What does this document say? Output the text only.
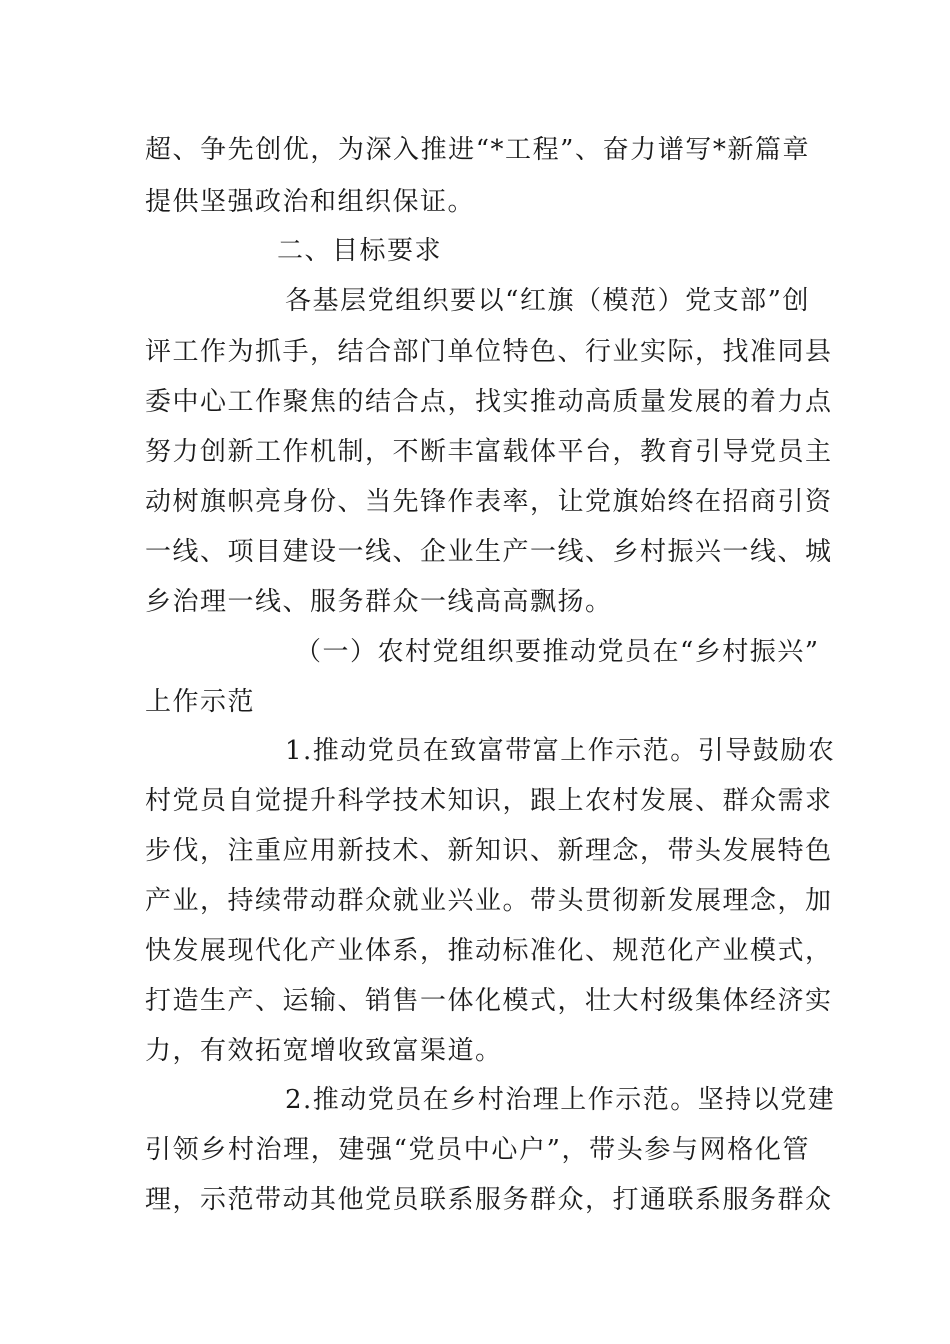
超、争先创优，为深入推进“*工程”、奋力谱写*新篇章
提供坚强政治和组织保证。
二、目标要求
各基层党组织要以“红旗（模范）党支部”创
评工作为抓手，结合部门单位特色、行业实际，找准同县
委中心工作聚焦的结合点，找实推动高质量发展的着力点
努力创新工作机制，不断丰富载体平台，教育引导党员主
动树旗帜亮身份、当先锋作表率，让党旗始终在招商引资
一线、项目建设一线、企业生产一线、乡村振兴一线、城
乡治理一线、服务群众一线高高飘扬。
（一）农村党组织要推动党员在“乡村振兴”
上作示范
1.推动党员在致富带富上作示范。引导鼓励农
村党员自觉提升科学技术知识，跟上农村发展、群众需求
步伐，注重应用新技术、新知识、新理念，带头发展特色
产业，持续带动群众就业兴业。带头贯彻新发展理念，加
快发展现代化产业体系，推动标准化、规范化产业模式，
打造生产、运输、销售一体化模式，壮大村级集体经济实
力，有效拓宽增收致富渠道。
2.推动党员在乡村治理上作示范。坚持以党建
引领乡村治理，建强“党员中心户”，带头参与网格化管
理，示范带动其他党员联系服务群众，打通联系服务群众
